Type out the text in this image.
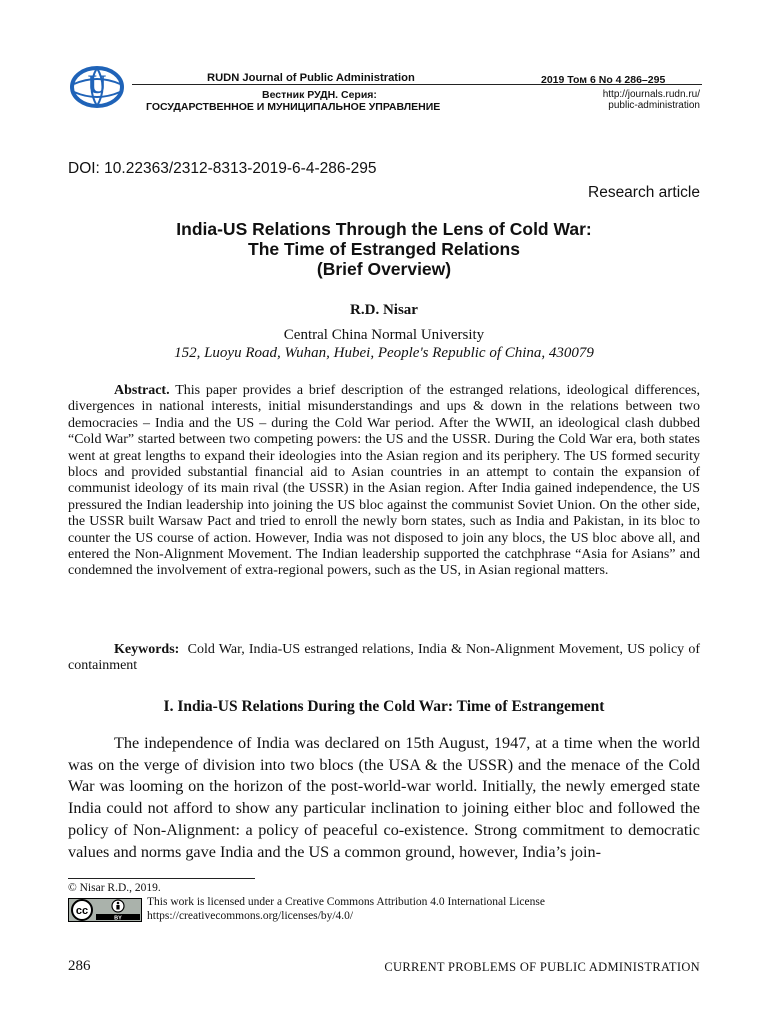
U	RUDN Journal of Public Administration	2019 Том 6 No 4 286–295
Вестник РУДН. Серия:
ГОСУДАРСТВЕННОЕ И МУНИЦИПАЛЬНОЕ УПРАВЛЕНИЕ
http://journals.rudn.ru/
public-administration
DOI: 10.22363/2312-8313-2019-6-4-286-295
Research article
India-US Relations Through the Lens of Cold War:
The Time of Estranged Relations
(Brief Overview)
R.D. Nisar
Central China Normal University
152, Luoyu Road, Wuhan, Hubei, People's Republic of China, 430079

Abstract. This paper provides a brief description of the estranged relations, ideological differences, divergences in national interests, initial misunderstandings and ups & down in the relations between two democracies – India and the US – during the Cold War period. After the WWII, an ideological clash dubbed “Cold War” started between two competing powers: the US and the USSR. During the Cold War era, both states went at great lengths to expand their ideologies into the Asian region and its periphery. The US formed security blocs and provided substantial financial aid to Asian countries in an attempt to contain the expansion of communist ideology of its main rival (the USSR) in the Asian region. After India gained independence, the US pressured the Indian leadership into joining the US bloc against the communist Soviet Union. On the other side, the USSR built Warsaw Pact and tried to enroll the newly born states, such as India and Pakistan, in its bloc to counter the US course of action. However, India was not disposed to join any blocs, the US bloc above all, and entered the Non-Alignment Movement. The Indian leadership supported the catchphrase “Asia for Asians” and condemned the involvement of extra-regional powers, such as the US, in Asian regional matters.

Keywords: Cold War, India-US estranged relations, India & Non-Alignment Movement, US policy of containment

I. India-US Relations During the Cold War: Time of Estrangement

The independence of India was declared on 15th August, 1947, at a time when the world was on the verge of division into two blocs (the USA & the USSR) and the menace of the Cold War was looming on the horizon of the post-world-war world. Initially, the newly emerged state India could not afford to show any particular inclination to joining either bloc and followed the policy of Non-Alignment: a policy of peaceful co-existence. Strong commitment to democratic values and norms gave India and the US a common ground, however, India’s join-

© Nisar R.D., 2019.
cc
BY
This work is licensed under a Creative Commons Attribution 4.0 International License
https://creativecommons.org/licenses/by/4.0/
286	CURRENT PROBLEMS OF PUBLIC ADMINISTRATION
